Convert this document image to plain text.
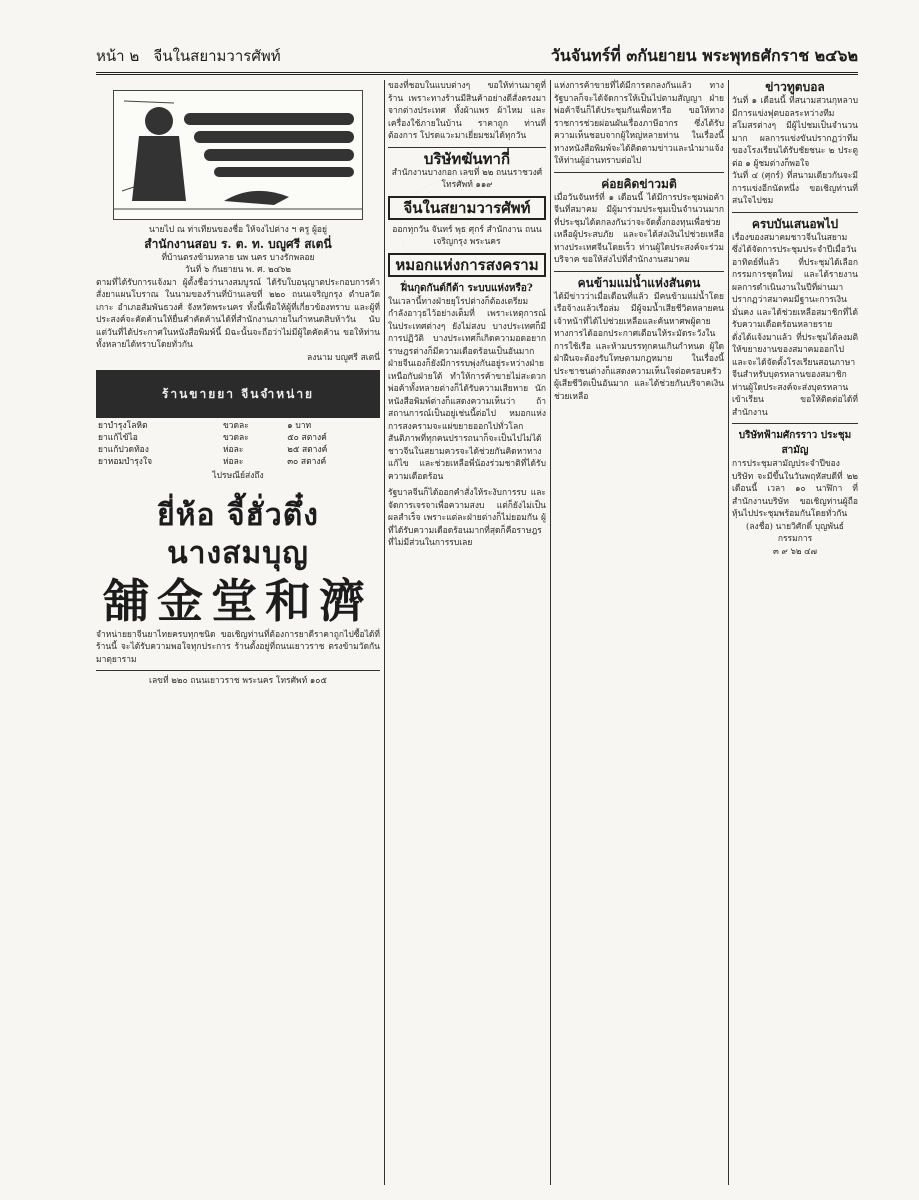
หน้า ๒ จีนในสยามวารศัพท์	วันจันทร์ที่ ๓กันยายน พระพุทธศักราช ๒๔๖๒

นายไป ณ ท่าเทียนของชื่อ ให้จงไปต่าง ฯ ครู ผู้อยู่

สำนักงานสอบ ร. ต. ท. บญูศรี สเตนี่

ที่บ้านตรงข้ามหลาย นพ นคร บางรักพลอย

วันที่ ๖ กันยายน พ. ศ. ๒๔๖๒

ตามที่ได้รับการแจ้งมา ผู้ตั้งชื่อว่านางสมบูรณ์ ได้รับใบอนุญาตประกอบการค้าสั่งยาแผนโบราณ ในนามของร้านที่บ้านเลขที่ ๒๒๐ ถนนเจริญกรุง ตำบลวัดเกาะ อำเภอสัมพันธวงศ์ จังหวัดพระนคร ทั้งนี้เพื่อให้ผู้ที่เกี่ยวข้องทราบ และผู้ที่ประสงค์จะคัดค้านให้ยื่นคำคัดค้านได้ที่สำนักงานภายในกำหนดสิบห้าวัน นับแต่วันที่ได้ประกาศในหนังสือพิมพ์นี้ มิฉะนั้นจะถือว่าไม่มีผู้ใดคัดค้าน ขอให้ท่านทั้งหลายได้ทราบโดยทั่วกัน

ลงนาม บญูศรี สเตนี่

ร้านขายยา จีนจำหน่าย
ยาบำรุงโลหิต	ขวดละ	๑ บาท
ยาแก้ไข้ไอ	ขวดละ	๕๐ สตางค์
ยาแก้ปวดท้อง	ห่อละ	๒๕ สตางค์
ยาหอมบำรุงใจ	ห่อละ	๓๐ สตางค์

ไปรษณีย์ส่งถึง

ยี่ห้อ จี้ฮั่วตึ๋ง
นางสมบุญ
舖金堂和濟

จำหน่ายยาจีนยาไทยครบทุกชนิด ขอเชิญท่านที่ต้องการยาดีราคาถูกไปซื้อได้ที่ร้านนี้ จะได้รับความพอใจทุกประการ ร้านตั้งอยู่ที่ถนนเยาวราช ตรงข้ามวัดกันมาตุยาราม

เลขที่ ๒๒๐ ถนนเยาวราช พระนคร โทรศัพท์ ๑๐๕

ของที่ชอบในแบบต่างๆ ขอให้ท่านมาดูที่ร้าน เพราะทางร้านมีสินค้าอย่างดีสั่งตรงมาจากต่างประเทศ ทั้งผ้าแพร ผ้าไหม และเครื่องใช้ภายในบ้าน ราคาถูก ท่านที่ต้องการ โปรดแวะมาเยี่ยมชมได้ทุกวัน

บริษัทฆันทากี่

สำนักงานบางกอก เลขที่ ๒๒ ถนนราชวงศ์

โทรศัพท์ ๑๑๙

จีนในสยามวารศัพท์

ออกทุกวัน จันทร์ พุธ ศุกร์ สำนักงาน ถนนเจริญกรุง พระนคร

หมอกแห่งการสงคราม
ฝิ่นกุดกันต์กีต้า ระบบแห่งหรือ?

ในเวลานี้ทางฝ่ายยุโรปต่างก็ต้องเตรียมกำลังอาวุธไว้อย่างเต็มที่ เพราะเหตุการณ์ในประเทศต่างๆ ยังไม่สงบ บางประเทศก็มีการปฏิวัติ บางประเทศก็เกิดความอดอยาก ราษฎรต่างก็มีความเดือดร้อนเป็นอันมาก ฝ่ายจีนเองก็ยังมีการรบพุ่งกันอยู่ระหว่างฝ่ายเหนือกับฝ่ายใต้ ทำให้การค้าขายไม่สะดวก พ่อค้าทั้งหลายต่างก็ได้รับความเสียหาย นักหนังสือพิมพ์ต่างก็แสดงความเห็นว่า ถ้าสถานการณ์เป็นอยู่เช่นนี้ต่อไป หมอกแห่งการสงครามจะแผ่ขยายออกไปทั่วโลก สันติภาพที่ทุกคนปรารถนาก็จะเป็นไปไม่ได้ ชาวจีนในสยามควรจะได้ช่วยกันคิดหาทางแก้ไข และช่วยเหลือพี่น้องร่วมชาติที่ได้รับความเดือดร้อน

รัฐบาลจีนก็ได้ออกคำสั่งให้ระงับการรบ และจัดการเจรจาเพื่อความสงบ แต่ก็ยังไม่เป็นผลสำเร็จ เพราะแต่ละฝ่ายต่างก็ไม่ยอมกัน ผู้ที่ได้รับความเดือดร้อนมากที่สุดก็คือราษฎรที่ไม่มีส่วนในการรบเลย

แห่งการค้าขายที่ได้มีการตกลงกันแล้ว ทางรัฐบาลก็จะได้จัดการให้เป็นไปตามสัญญา ฝ่ายพ่อค้าจีนก็ได้ประชุมกันเพื่อหารือ ขอให้ทางราชการช่วยผ่อนผันเรื่องภาษีอากร ซึ่งได้รับความเห็นชอบจากผู้ใหญ่หลายท่าน ในเรื่องนี้ทางหนังสือพิมพ์จะได้ติดตามข่าวและนำมาแจ้งให้ท่านผู้อ่านทราบต่อไป

ค่อยคิดข่าวมติ

เมื่อวันจันทร์ที่ ๑ เดือนนี้ ได้มีการประชุมพ่อค้าจีนที่สมาคม มีผู้มาร่วมประชุมเป็นจำนวนมาก ที่ประชุมได้ตกลงกันว่าจะจัดตั้งกองทุนเพื่อช่วยเหลือผู้ประสบภัย และจะได้ส่งเงินไปช่วยเหลือทางประเทศจีนโดยเร็ว ท่านผู้ใดประสงค์จะร่วมบริจาค ขอให้ส่งไปที่สำนักงานสมาคม

คนข้ามแม่น้ำแห่งสันตน

ได้มีข่าวว่าเมื่อเดือนที่แล้ว มีคนข้ามแม่น้ำโดยเรือจ้างแล้วเรือล่ม มีผู้จมน้ำเสียชีวิตหลายคน เจ้าหน้าที่ได้ไปช่วยเหลือและค้นหาศพผู้ตาย ทางการได้ออกประกาศเตือนให้ระมัดระวังในการใช้เรือ และห้ามบรรทุกคนเกินกำหนด ผู้ใดฝ่าฝืนจะต้องรับโทษตามกฎหมาย ในเรื่องนี้ประชาชนต่างก็แสดงความเห็นใจต่อครอบครัวผู้เสียชีวิตเป็นอันมาก และได้ช่วยกันบริจาคเงินช่วยเหลือ

ข่าวทูตบอล

วันที่ ๑ เดือนนี้ ที่สนามสวนกุหลาบมีการแข่งฟุตบอลระหว่างทีมสโมสรต่างๆ มีผู้ไปชมเป็นจำนวนมาก ผลการแข่งขันปรากฏว่าทีมของโรงเรียนได้รับชัยชนะ ๒ ประตูต่อ ๑ ผู้ชมต่างก็พอใจ

วันที่ ๔ (ศุกร์) ที่สนามเดียวกันจะมีการแข่งอีกนัดหนึ่ง ขอเชิญท่านที่สนใจไปชม

ครบบันเสนอพไป

เรื่องของสมาคมชาวจีนในสยาม ซึ่งได้จัดการประชุมประจำปีเมื่อวันอาทิตย์ที่แล้ว ที่ประชุมได้เลือกกรรมการชุดใหม่ และได้รายงานผลการดำเนินงานในปีที่ผ่านมา ปรากฏว่าสมาคมมีฐานะการเงินมั่นคง และได้ช่วยเหลือสมาชิกที่ได้รับความเดือดร้อนหลายราย

ดั่งได้แจ้งมาแล้ว ที่ประชุมได้ลงมติให้ขยายงานของสมาคมออกไป และจะได้จัดตั้งโรงเรียนสอนภาษาจีนสำหรับบุตรหลานของสมาชิก ท่านผู้ใดประสงค์จะส่งบุตรหลานเข้าเรียน ขอให้ติดต่อได้ที่สำนักงาน

บริษัทฟ้ามศักรราว ประชุมสามัญ

การประชุมสามัญประจำปีของบริษัท จะมีขึ้นในวันพฤหัสบดีที่ ๒๒ เดือนนี้ เวลา ๑๐ นาฬิกา ที่สำนักงานบริษัท ขอเชิญท่านผู้ถือหุ้นไปประชุมพร้อมกันโดยทั่วกัน

(ลงชื่อ) นายวิศักดิ์ บุญพันธ์ กรรมการ

๓ ๙ ๖๒ ๔๗
